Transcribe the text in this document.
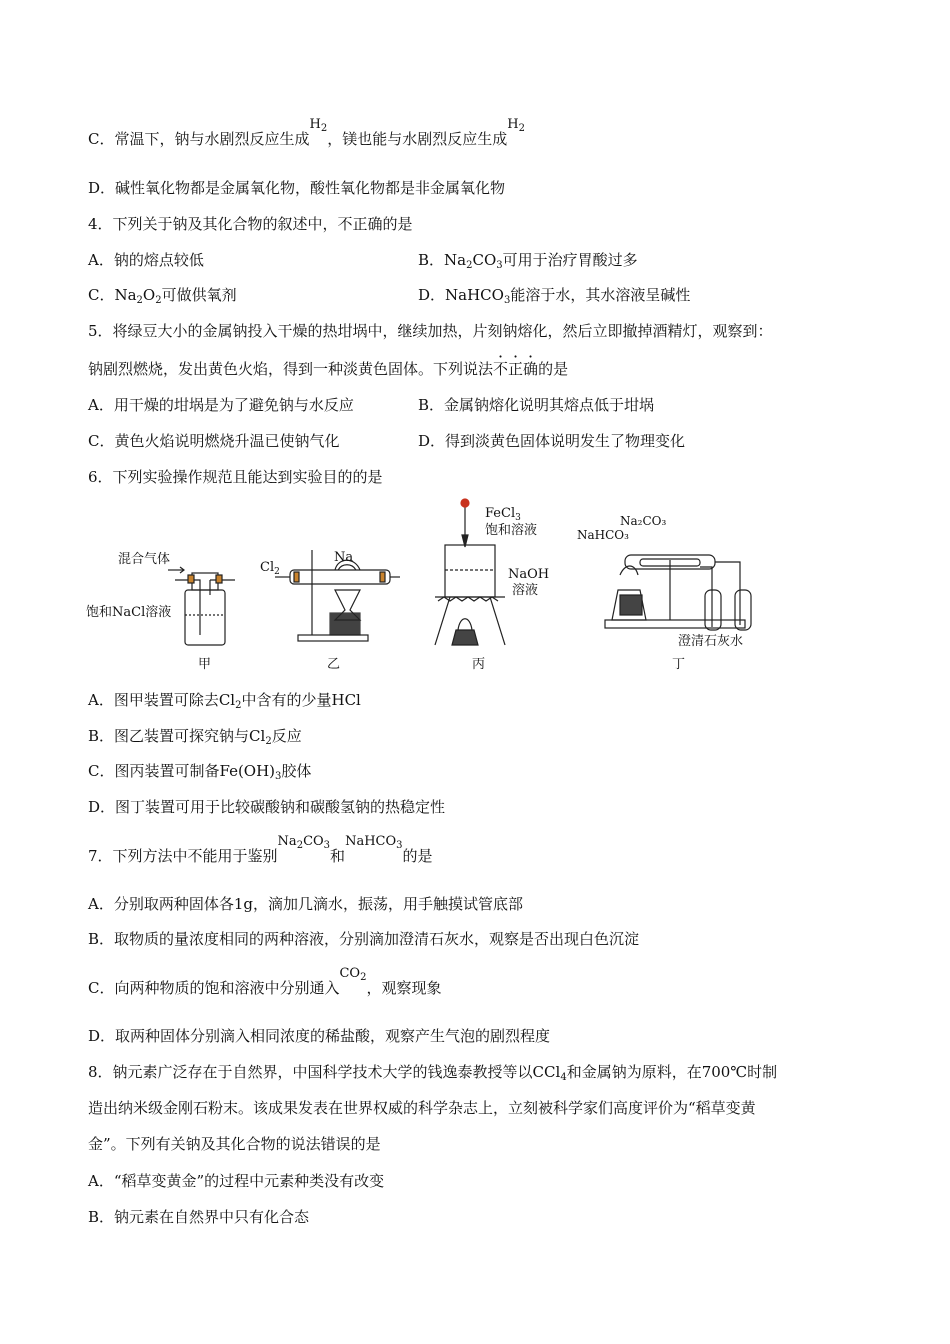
C．常温下，钠与水剧烈反应生成$H_2$，镁也能与水剧烈反应生成$H_2$
D．碱性氧化物都是金属氧化物，酸性氧化物都是非金属氧化物
4．下列关于钠及其化合物的叙述中，不正确的是
A．钠的熔点较低	B．$Na_2CO_3$可用于治疗胃酸过多
C．$Na_2O_2$可做供氧剂	D．NaHCO$_3$能溶于水，其水溶液呈碱性
5．将绿豆大小的金属钠投入干燥的热坩埚中，继续加热，片刻钠熔化，然后立即撤掉酒精灯，观察到：
钠剧烈燃烧，发出黄色火焰，得到一种淡黄色固体。下列说法不正确的是
A．用干燥的坩埚是为了避免钠与水反应	B．金属钠熔化说明其熔点低于坩埚
C．黄色火焰说明燃烧升温已使钠气化	D．得到淡黄色固体说明发生了物理变化
6．下列实验操作规范且能达到实验目的的是
混合气体
饱和NaCl溶液
甲
$Cl_2$
Na
乙
FeCl$_3$
饱和溶液
NaOH
溶液
丙
Na₂CO₃
NaHCO₃
澄清石灰水
丁
A．图甲装置可除去$Cl_2$中含有的少量HCl
B．图乙装置可探究钠与$Cl_2$反应
C．图丙装置可制备$Fe(OH)_3$胶体
D．图丁装置可用于比较碳酸钠和碳酸氢钠的热稳定性
7．下列方法中不能用于鉴别$Na_2CO_3$和NaHCO$_3$的是
A．分别取两种固体各1g，滴加几滴水，振荡，用手触摸试管底部
B．取物质的量浓度相同的两种溶液，分别滴加澄清石灰水，观察是否出现白色沉淀
C．向两种物质的饱和溶液中分别通入$CO_2$，观察现象
D．取两种固体分别滴入相同浓度的稀盐酸，观察产生气泡的剧烈程度
8．钠元素广泛存在于自然界，中国科学技术大学的钱逸泰教授等以CCl$_4$和金属钠为原料，在700℃时制
造出纳米级金刚石粉末。该成果发表在世界权威的科学杂志上，立刻被科学家们高度评价为“稻草变黄
金”。下列有关钠及其化合物的说法错误的是
A．“稻草变黄金”的过程中元素种类没有改变
B．钠元素在自然界中只有化合态
